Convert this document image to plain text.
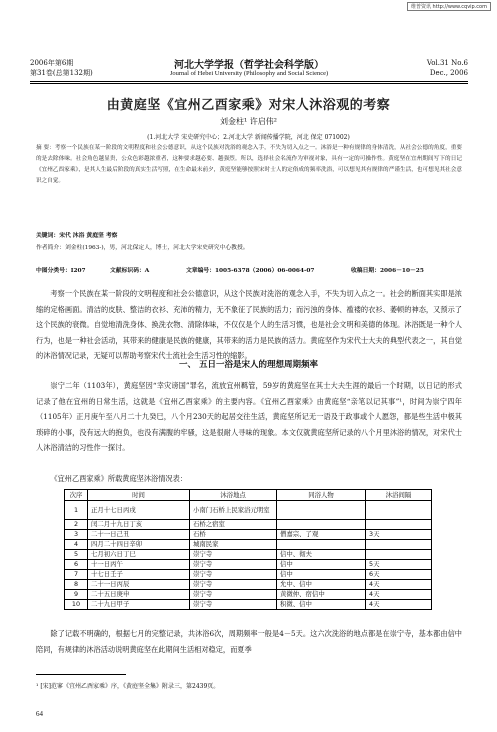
维普资讯 http://www.cqvip.com
2006年第6期
第31卷(总第132期)
河北大学学报（哲学社会科学版）
Journal of Hebei University (Philosophy and Social Science)
Vol.31 No.6
Dec., 2006
由黄庭坚《宜州乙酉家乘》对宋人沐浴观的考察
刘金柱¹ 许启伟²
(1.河北大学 宋史研究中心；2.河北大学 新闻传播学院，河北 保定 071002)
摘 要：考察一个民族在某一阶段的文明程度和社会公德意识，从这个民族对洗浴的观念入手，不失为切入点之一。沐浴是一种有规律的身体清洗，从社会公德的角度，重要的是去除体味。社会角色越显贵，公众色彩越浓重者，这种要求越必要、越强烈。所以，选择社会名流作为审视对象，具有一定的可操作性。黄庭坚在宜州期间写下的日记《宜州乙酉家乘》，是其人生最后阶段的真实生活写照，在生命最末前夕，黄庭坚能够按照宋时士人的定俗成的频率洗浴，可以想见其有规律的严谨生活，也可想见其社会意识之自觉。
关键词：宋代 沐浴 黄庭坚 考察
作者简介：刘金柱(1963-)，男，河北保定人，博士，河北大学宋史研究中心教授。
中图分类号：I207	文献标识码：A	文章编号：1005-6378（2006）06-0064-07	收稿日期：2006－10－25
考察一个民族在某一阶段的文明程度和社会公德意识，从这个民族对洗浴的观念入手，不失为切入点之一。社会的断面其实即是浓缩的定格画面。清洁的皮肤、整洁的衣衫、充沛的精力，无不象征了民族的活力；而污浊的身体、褴褛的衣衫、萎顿的神态，又预示了这个民族的衰微。自觉地清洗身体、换洗衣物、清除体味，不仅仅是个人的生活习惯，也是社会文明和美德的体现。沐浴既是一种个人行为，也是一种社会活动，其带来的健康是民族的健康，其带来的活力是民族的活力。黄庭坚作为宋代士大夫的典型代表之一，其自觉的沐浴情况记录，无疑可以帮助考察宋代士流社会生活习性的缩影。
一、 五日一浴是宋人的理想周期频率
崇宁二年（1103年），黄庭坚因“幸灾谤国”罪名，流放宜州羁管，59岁的黄庭坚在其士大夫生涯的最后一个时期，以日记的形式记录了他在宜州的日常生活，这就是《宜州乙酉家乘》的主要内容。《宜州乙酉家乘》由黄庭坚“亲笔以记其事”¹，时间为崇宁四年（1105年）正月庚午至八月二十九癸巳，八个月230天的起居交往生活，黄庭坚所记无一语及于政事或个人愿怨，都是些生活中极其琐碎的小事，没有远大的抱负，也没有满腹的牢骚，这是很耐人寻味的现象。本文仅就黄庭坚所记录的八个月里沐浴的情况，对宋代士人沐浴清洁的习性作一探讨。
《宜州乙酉家乘》所载黄庭坚沐浴情况表：
次序	时间	沐浴地点	同浴人物	沐浴间隔
1	正月十七日丙戌	小南门石桥上民家浴元明室		
2	闰二月十九日丁亥	石桥之宿室		
3	二十一日己丑	石桥	僧嘉宗、了观	3天
4	四月二十四日辛卯	城南民家		
5	七月初六日丁巳	崇宁寺	信中、彻夫	
6	十一日丙午	崇宁寺	信中	5天
7	十七日壬子	崇宁寺	信中	6天
8	二十一日丙辰	崇宁寺	允中、信中	4天
9	二十五日庚申	崇宁寺	黄微仲、宿信中	4天
10	二十九日甲子	崇宁寺	积微、信中	4天
除了记载不明确的，根据七月的完整记录，共沐浴6次，周期频率一般是4－5天。这六次洗浴的地点都是在崇宁寺，基本都由信中陪同，有规律的沐浴活动说明黄庭坚在此期间生活相对稳定，而夏季
¹ [宋]范寥《宜州乙酉家乘》序，《黄庭坚全集》附录三，第2439页。
64
